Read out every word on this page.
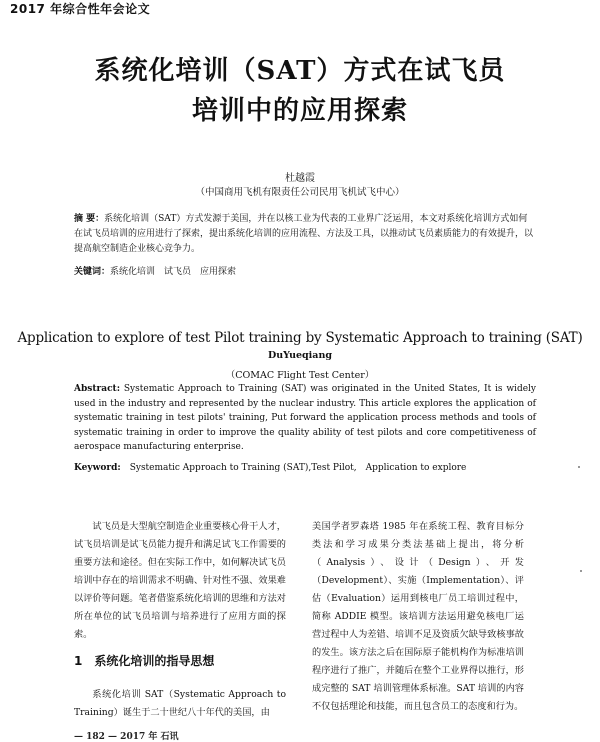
2017 年综合性年会论文
系统化培训（SAT）方式在试飞员
培训中的应用探索
杜越霞
（中国商用飞机有限责任公司民用飞机试飞中心）
摘 要：系统化培训（SAT）方式发源于美国，并在以核工业为代表的工业界广泛运用，本文对系统化培训方式如何在试飞员培训的应用进行了探索，提出系统化培训的应用流程、方法及工具，以推动试飞员素质能力的有效提升，以提高航空制造企业核心竞争力。
关键词：系统化培训　试飞员　应用探索
Application to explore of test Pilot training by Systematic Approach to training (SAT)
DuYueqiang
（COMAC Flight Test Center）
Abstract: Systematic Approach to Training (SAT) was originated in the United States, It is widely used in the industry and represented by the nuclear industry. This article explores the application of systematic training in test pilots' training, Put forward the application process methods and tools of systematic training in order to improve the quality ability of test pilots and core competitiveness of aerospace manufacturing enterprise.
Keyword:　Systematic Approach to Training (SAT),Test Pilot,　Application to explore

试飞员是大型航空制造企业重要核心骨干人才，试飞员培训是试飞员能力提升和满足试飞工作需要的重要方法和途径。但在实际工作中，如何解决试飞员培训中存在的培训需求不明确、针对性不强、效果难以评价等问题。笔者借鉴系统化培训的思维和方法对所在单位的试飞员培训与培养进行了应用方面的探索。

1 系统化培训的指导思想

系统化培训 SAT（Systematic Approach to Training）诞生于二十世纪八十年代的美国，由

美国学者罗森塔 1985 年在系统工程、教育目标分类法和学习成果分类法基础上提出，将分析（Analysis）、设计（Design）、开发（Development）、实施（Implementation）、评估（Evaluation）运用到核电厂员工培训过程中，简称 ADDIE 模型。该培训方法运用避免核电厂运营过程中人为差错、培训不足及资质欠缺导致核事故的发生。该方法之后在国际原子能机构作为标准培训程序进行了推广，并随后在整个工业界得以推行，形成完整的 SAT 培训管理体系标准。SAT 培训的内容不仅包括理论和技能，而且包含员工的态度和行为。

— 182 — 2017 年 石讯
